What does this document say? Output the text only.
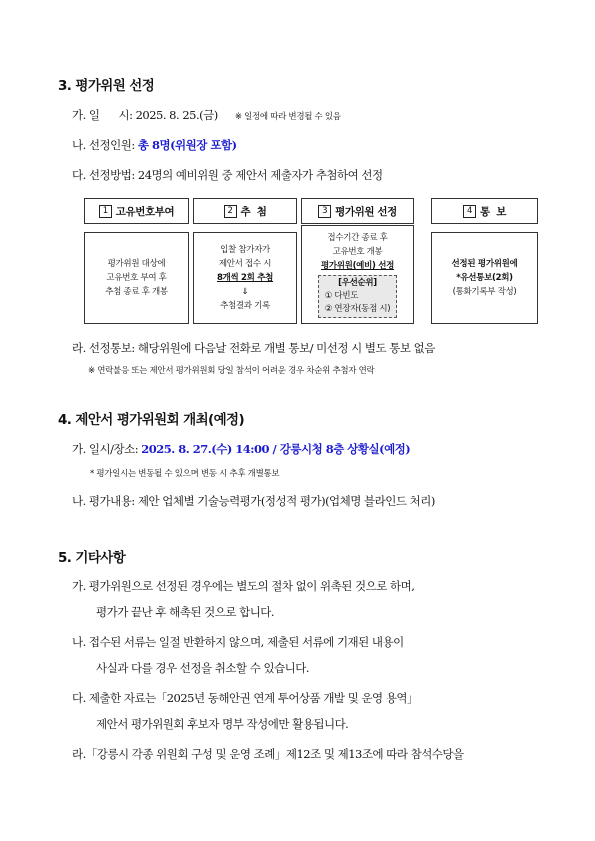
3. 평가위원 선정
가. 일      시: 2025. 8. 25.(금) ※ 일정에 따라 변경될 수 있음
나. 선정인원: 총 8명(위원장 포함)
다. 선정방법: 24명의 예비위원 중 제안서 제출자가 추첨하여 선정
1 고유번호부여
평가위원 대상에
고유번호 부여 후
추첨 종료 후 개봉
2 추  첨
입찰 참가자가
제안서 접수 시
8개씩 2회 추첨
⇓
추첨결과 기록
3 평가위원 선정
접수기간 종료 후
고유번호 개봉
평가위원(예비) 선정
[우선순위]
① 다빈도
② 연장자(동점 시)
4 통  보
선정된 평가위원에
*유선통보(2회)
(통화기록부 작성)
라. 선정통보: 해당위원에 다음날 전화로 개별 통보/ 미선정 시 별도 통보 없음
※ 연락불응 또는 제안서 평가위원회 당일 참석이 어려운 경우 차순위 추첨자 연락
4. 제안서 평가위원회 개최(예정)
가. 일시/장소: 2025. 8. 27.(수) 14:00 / 강릉시청 8층 상황실(예정)
* 평가일시는 변동될 수 있으며 변동 시 추후 개별통보
나. 평가내용: 제안 업체별 기술능력평가(정성적 평가)(업체명 블라인드 처리)
5. 기타사항
가. 평가위원으로 선정된 경우에는 별도의 절차 없이 위촉된 것으로 하며,
평가가 끝난 후 해촉된 것으로 합니다.
나. 접수된 서류는 일절 반환하지 않으며, 제출된 서류에 기재된 내용이
사실과 다를 경우 선정을 취소할 수 있습니다.
다. 제출한 자료는「2025년 동해안권 연계 투어상품 개발 및 운영 용역」
제안서 평가위원회 후보자 명부 작성에만 활용됩니다.
라.「강릉시 각종 위원회 구성 및 운영 조례」제12조 및 제13조에 따라 참석수당을
